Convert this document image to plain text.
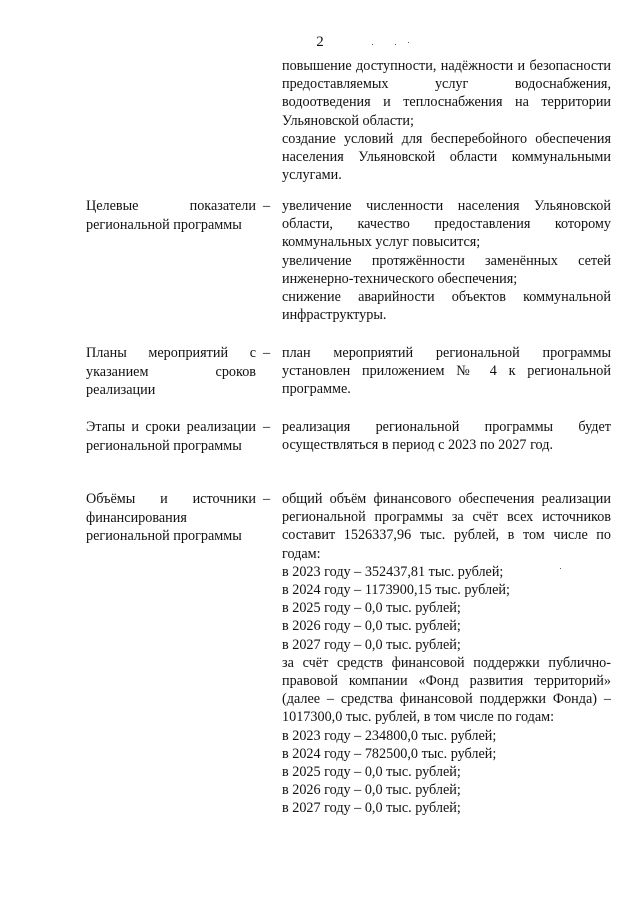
2

повышение доступности, надёжности и безопасности предоставляемых услуг водоснабжения, водоотведения и теплоснабжения на территории Ульяновской области;

создание условий для бесперебойного обеспечения населения Ульяновской области коммунальными услугами.

Целевые показатели региональной программы
– увеличение численности населения Ульяновской области, качество предоставления которому коммунальных услуг повысится;

увеличение протяжённости заменённых сетей инженерно-технического обеспечения;

снижение аварийности объектов коммунальной инфраструктуры.

Планы мероприятий с указанием сроков реализации
– план мероприятий региональной программы установлен приложением № 4 к региональной программе.

Этапы и сроки реализации региональной программы
– реализация региональной программы будет осуществляться в период с 2023 по 2027 год.

Объёмы и источники финансирования региональной программы
– общий объём финансового обеспечения реализации региональной программы за счёт всех источников составит 1526337,96 тыс. рублей, в том числе по годам:

в 2023 году – 352437,81 тыс. рублей;

в 2024 году – 1173900,15 тыс. рублей;

в 2025 году – 0,0 тыс. рублей;

в 2026 году – 0,0 тыс. рублей;

в 2027 году – 0,0 тыс. рублей;

за счёт средств финансовой поддержки публично-правовой компании «Фонд развития территорий» (далее – средства финансовой поддержки Фонда) – 1017300,0 тыс. рублей, в том числе по годам:

в 2023 году – 234800,0 тыс. рублей;

в 2024 году – 782500,0 тыс. рублей;

в 2025 году – 0,0 тыс. рублей;

в 2026 году – 0,0 тыс. рублей;

в 2027 году – 0,0 тыс. рублей;
